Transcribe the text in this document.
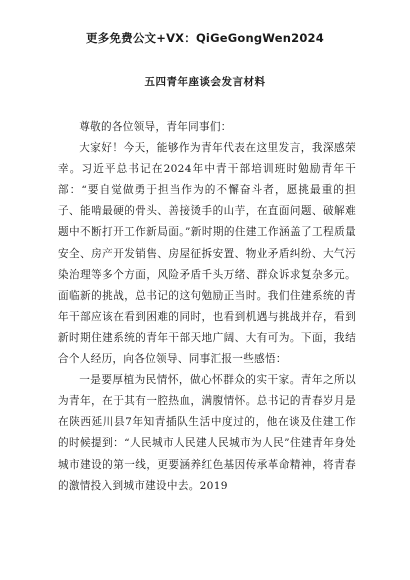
更多免费公文+VX：QiGeGongWen2024
五四青年座谈会发言材料

尊敬的各位领导，青年同事们：

大家好！今天，能够作为青年代表在这里发言，我深感荣幸。习近平总书记在2024年中青干部培训班时勉励青年干部：“要自觉做勇于担当作为的不懈奋斗者，愿挑最重的担子、能啃最硬的骨头、善接烫手的山芋，在直面问题、破解难题中不断打开工作新局面。”新时期的住建工作涵盖了工程质量安全、房产开发销售、房屋征拆安置、物业矛盾纠纷、大气污染治理等多个方面，风险矛盾千头万绪、群众诉求复杂多元。面临新的挑战，总书记的这句勉励正当时。我们住建系统的青年干部应该在看到困难的同时，也看到机遇与挑战并存，看到新时期住建系统的青年干部天地广阔、大有可为。下面，我结合个人经历，向各位领导、同事汇报一些感悟：

一是要厚植为民情怀，做心怀群众的实干家。青年之所以为青年，在于其有一腔热血，满腹情怀。总书记的青春岁月是在陕西延川县7年知青插队生活中度过的，他在谈及住建工作的时候提到：“人民城市人民建人民城市为人民”住建青年身处城市建设的第一线，更要涵养红色基因传承革命精神，将青春的激情投入到城市建设中去。2019
